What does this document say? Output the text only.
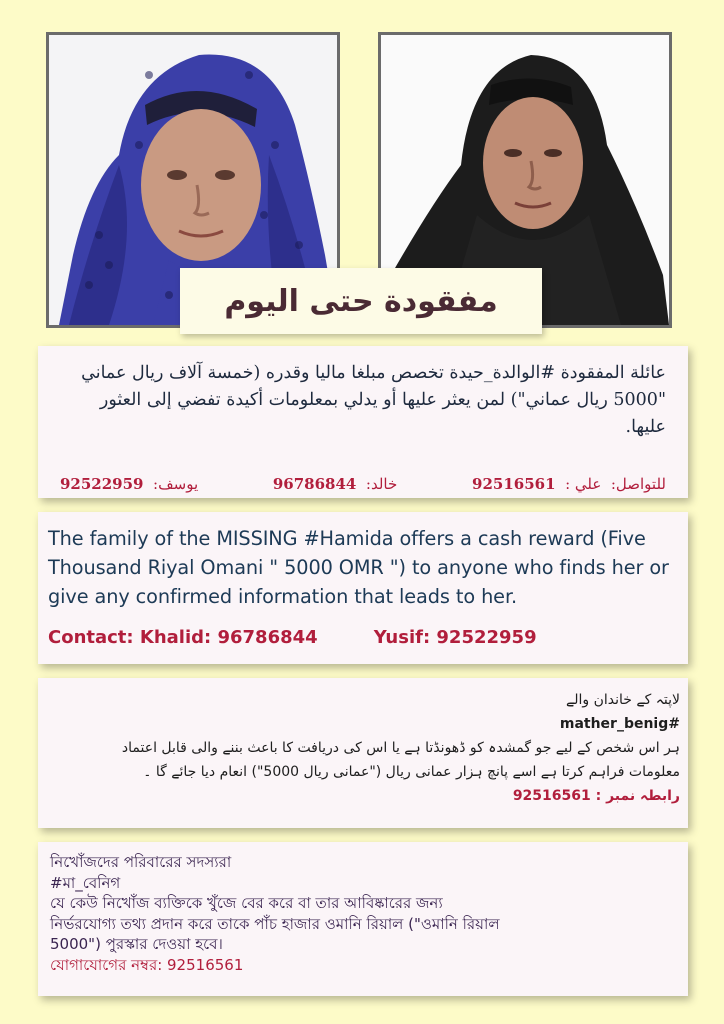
مفقودة حتى اليوم
عائلة المفقودة #الوالدة_حيدة تخصص مبلغا ماليا وقدره (خمسة آلاف ريال عماني
"5000 ريال عماني") لمن يعثر عليها أو يدلي بمعلومات أكيدة تفضي إلى العثور عليها.
للتواصل:  علي :  92516561
خالد:  96786844
يوسف:  92522959
The family of the MISSING #Hamida offers a cash reward (Five Thousand Riyal Omani " 5000 OMR ") to anyone who finds her or give any confirmed information that leads to her.
Contact: Khalid: 96786844	Yusif: 92522959
لاپتہ کے خاندان والے
#mather_benig
ہر اس شخص کے لیے جو گمشدہ کو ڈھونڈتا ہے یا اس کی دریافت کا باعث بننے والی قابل اعتماد
معلومات فراہم کرتا ہے اسے پانچ ہزار عمانی ریال ("عمانی ریال 5000") انعام دیا جائے گا ۔
رابطہ نمبر : 92516561
নিখোঁজদের পরিবারের সদস্যরা
#মা_বেনিগ
যে কেউ নিখোঁজ ব্যক্তিকে খুঁজে বের করে বা তার আবিষ্কারের জন্য
নির্ভরযোগ্য তথ্য প্রদান করে তাকে পাঁচ হাজার ওমানি রিয়াল ("ওমানি রিয়াল
5000") পুরস্কার দেওয়া হবে।
যোগাযোগের নম্বর: 92516561
